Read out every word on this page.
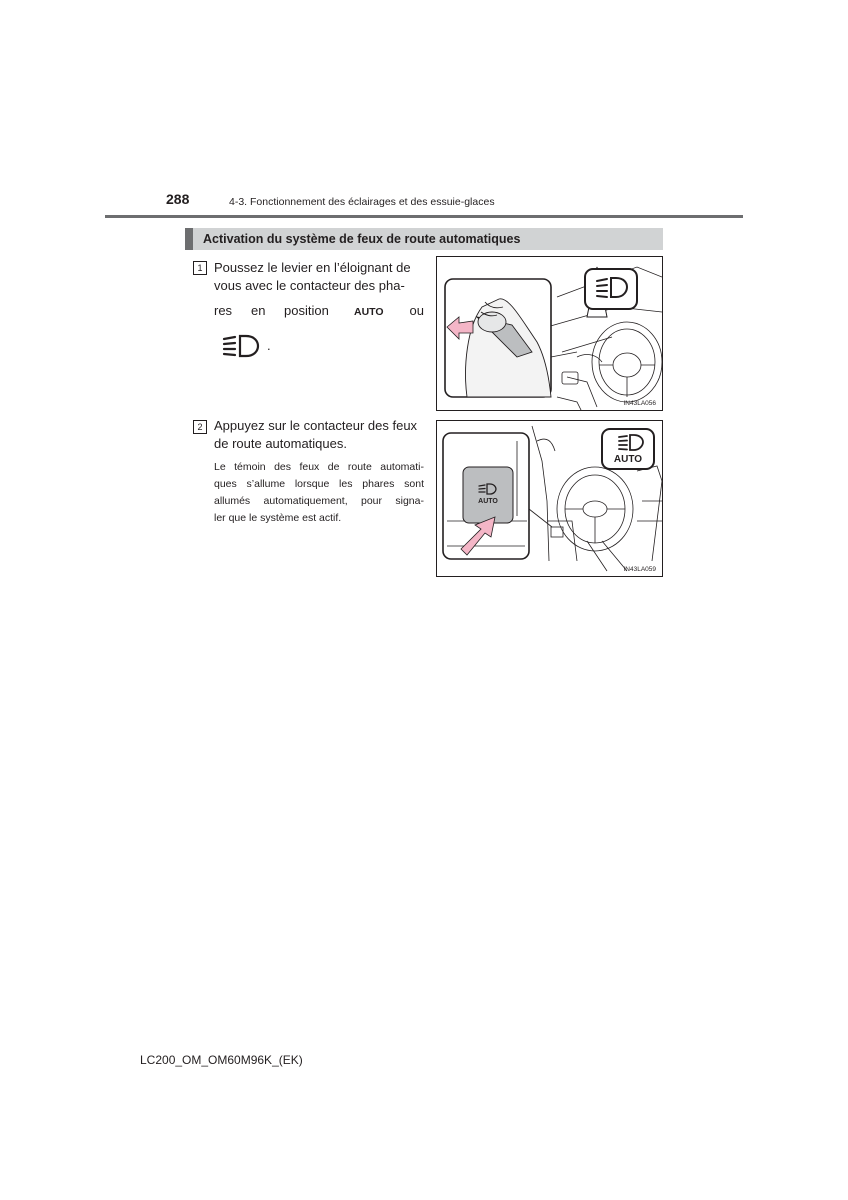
288	4-3. Fonctionnement des éclairages et des essuie-glaces
Activation du système de feux de route automatiques
1 Poussez le levier en l’éloignant de
vous avec le contacteur des pha-
res en position AUTO ou
.
IN43LA056
2 Appuyez sur le contacteur des feux
de route automatiques.
Le témoin des feux de route automati-
ques s’allume lorsque les phares sont
allumés automatiquement, pour signa-
ler que le système est actif.
AUTO
AUTO
IN43LA059
LC200_OM_OM60M96K_(EK)
